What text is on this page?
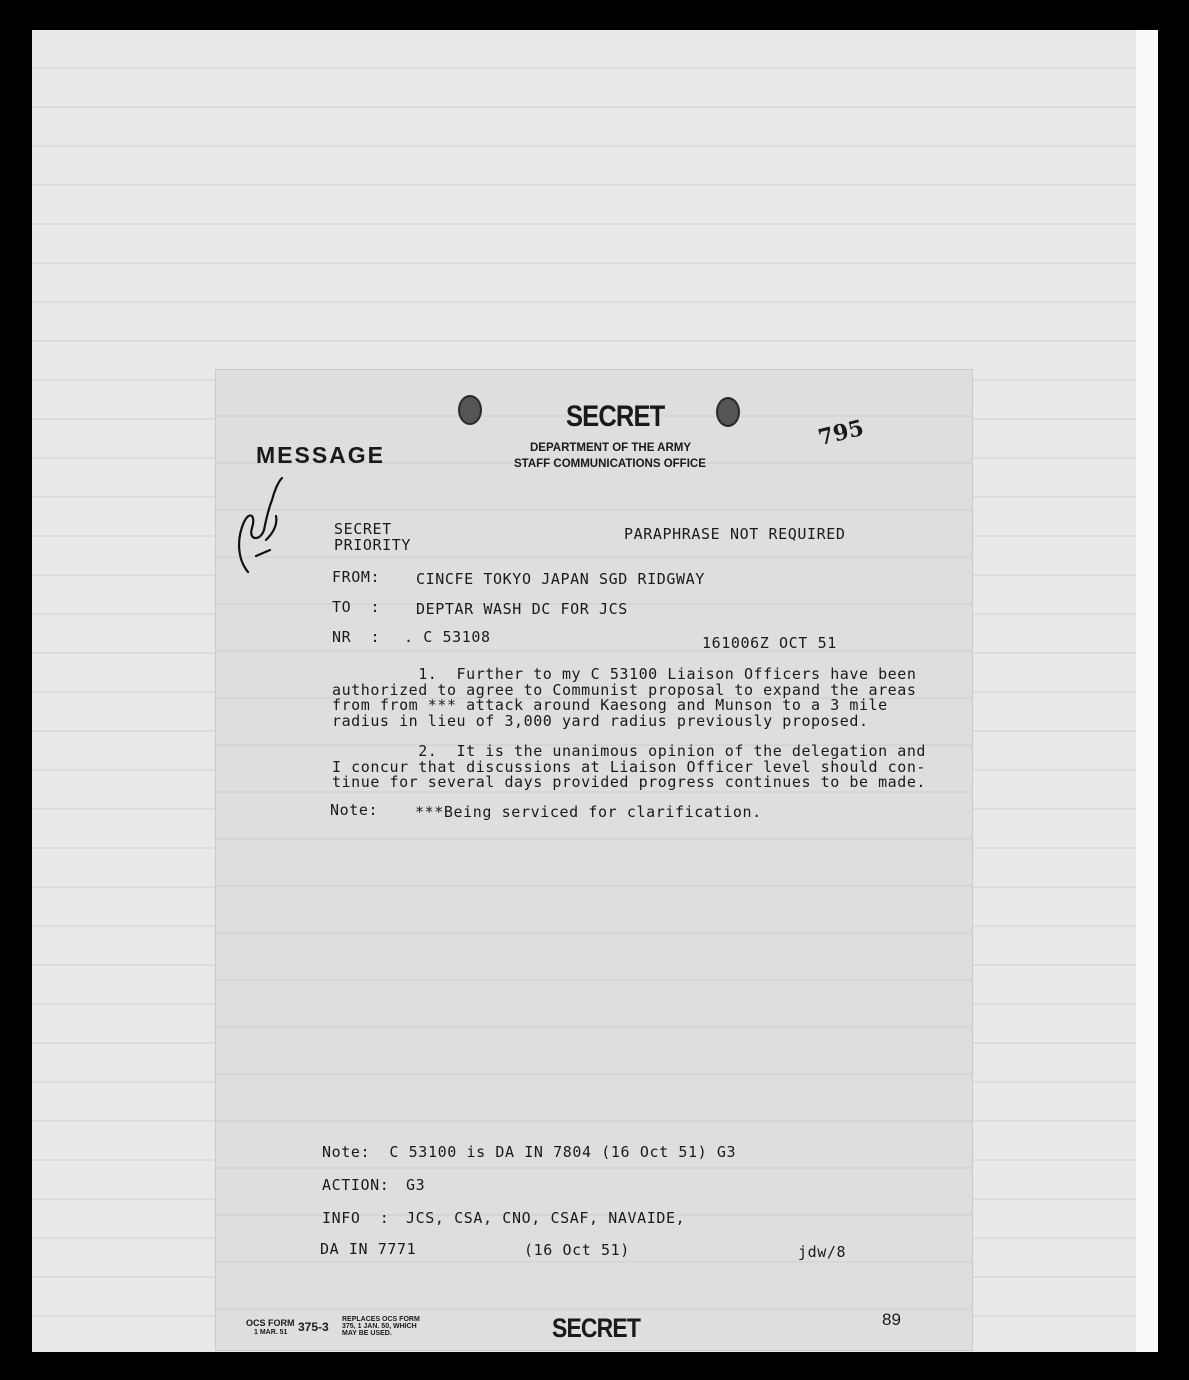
SECRET
MESSAGE	DEPARTMENT OF THE ARMY
STAFF COMMUNICATIONS OFFICE
795
SECRET
PRIORITY
PARAPHRASE NOT REQUIRED
FROM: CINCFE TOKYO JAPAN SGD RIDGWAY
TO  : DEPTAR WASH DC FOR JCS
NR  : . C 53108	161006Z OCT 51
1.  Further to my C 53100 Liaison Officers have been
authorized to agree to Communist proposal to expand the areas
from from *** attack around Kaesong and Munson to a 3 mile
radius in lieu of 3,000 yard radius previously proposed.
2.  It is the unanimous opinion of the delegation and
I concur that discussions at Liaison Officer level should con-
tinue for several days provided progress continues to be made.
Note: ***Being serviced for clarification.
Note:  C 53100 is DA IN 7804 (16 Oct 51) G3
ACTION: G3
INFO  : JCS, CSA, CNO, CSAF, NAVAIDE,
DA IN 7771	(16 Oct 51)	jdw/8
OCS FORM
1 MAR. 51 375-3
REPLACES OCS FORM 375, 1 JAN. 50, WHICH MAY BE USED.	SECRET	89
